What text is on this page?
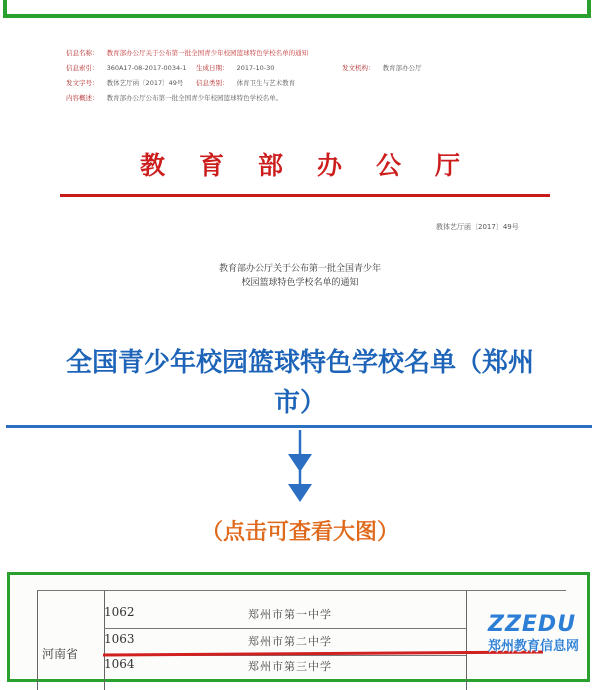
信息名称： 教育部办公厅关于公布第一批全国青少年校园篮球特色学校名单的通知
信息索引： 360A17-08-2017-0034-1 生成日期： 2017-10-30	发文机构： 教育部办公厅
发文字号： 教体艺厅函〔2017〕49号 信息类别： 体育卫生与艺术教育
内容概述： 教育部办公厅公布第一批全国青少年校园篮球特色学校名单。
教育部办公厅
教体艺厅函〔2017〕49号
教育部办公厅关于公布第一批全国青少年
校园篮球特色学校名单的通知
全国青少年校园篮球特色学校名单（郑州
市）
（点击可查看大图）
1062	郑州市第一中学
1063	郑州市第二中学
1064	郑州市第三中学
河南省
ZZEDU
郑州教育信息网
